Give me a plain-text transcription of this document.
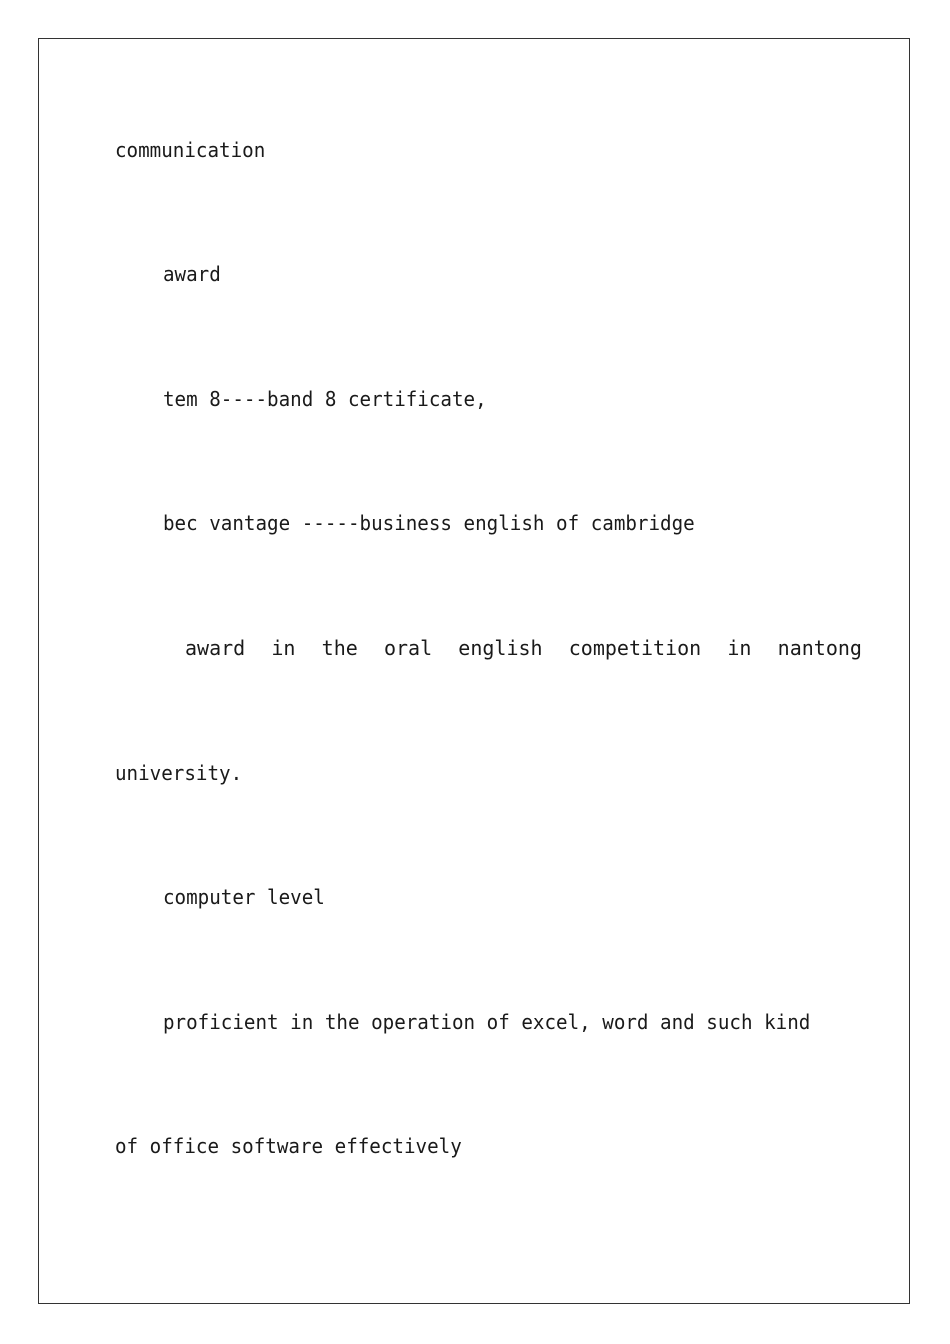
communication

award

tem 8----band 8 certificate,

bec vantage -----business english of cambridge

award in the oral english competition in nantong

university.

computer level

proficient in the operation of excel, word and such kind

of office software effectively
